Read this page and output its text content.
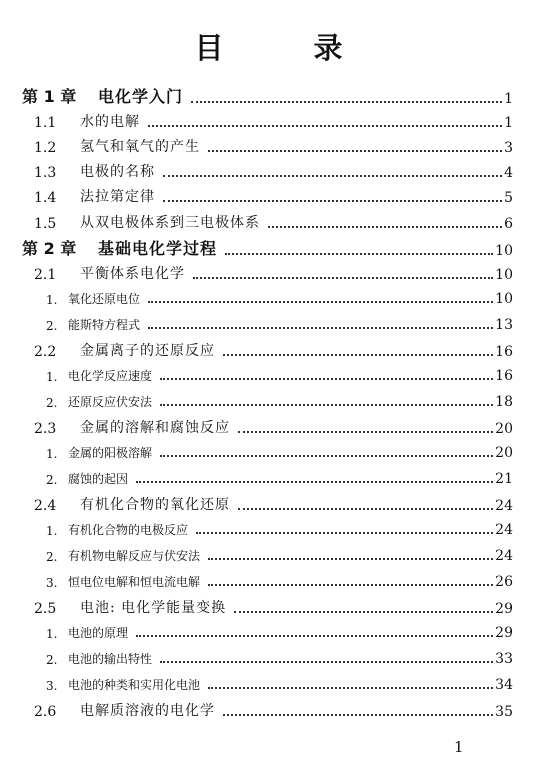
目 录
第 1 章	电化学入门	1
1.1	水的电解	1
1.2	氢气和氧气的产生	3
1.3	电极的名称	4
1.4	法拉第定律	5
1.5	从双电极体系到三电极体系	6
第 2 章	基础电化学过程	10
2.1	平衡体系电化学	10
1. 氧化还原电位	10
2. 能斯特方程式	13
2.2	金属离子的还原反应	16
1. 电化学反应速度	16
2. 还原反应伏安法	18
2.3	金属的溶解和腐蚀反应	20
1. 金属的阳极溶解	20
2. 腐蚀的起因	21
2.4	有机化合物的氧化还原	24
1. 有机化合物的电极反应	24
2. 有机物电解反应与伏安法	24
3. 恒电位电解和恒电流电解	26
2.5	电池: 电化学能量变换	29
1. 电池的原理	29
2. 电池的输出特性	33
3. 电池的种类和实用化电池	34
2.6	电解质溶液的电化学	35
1
